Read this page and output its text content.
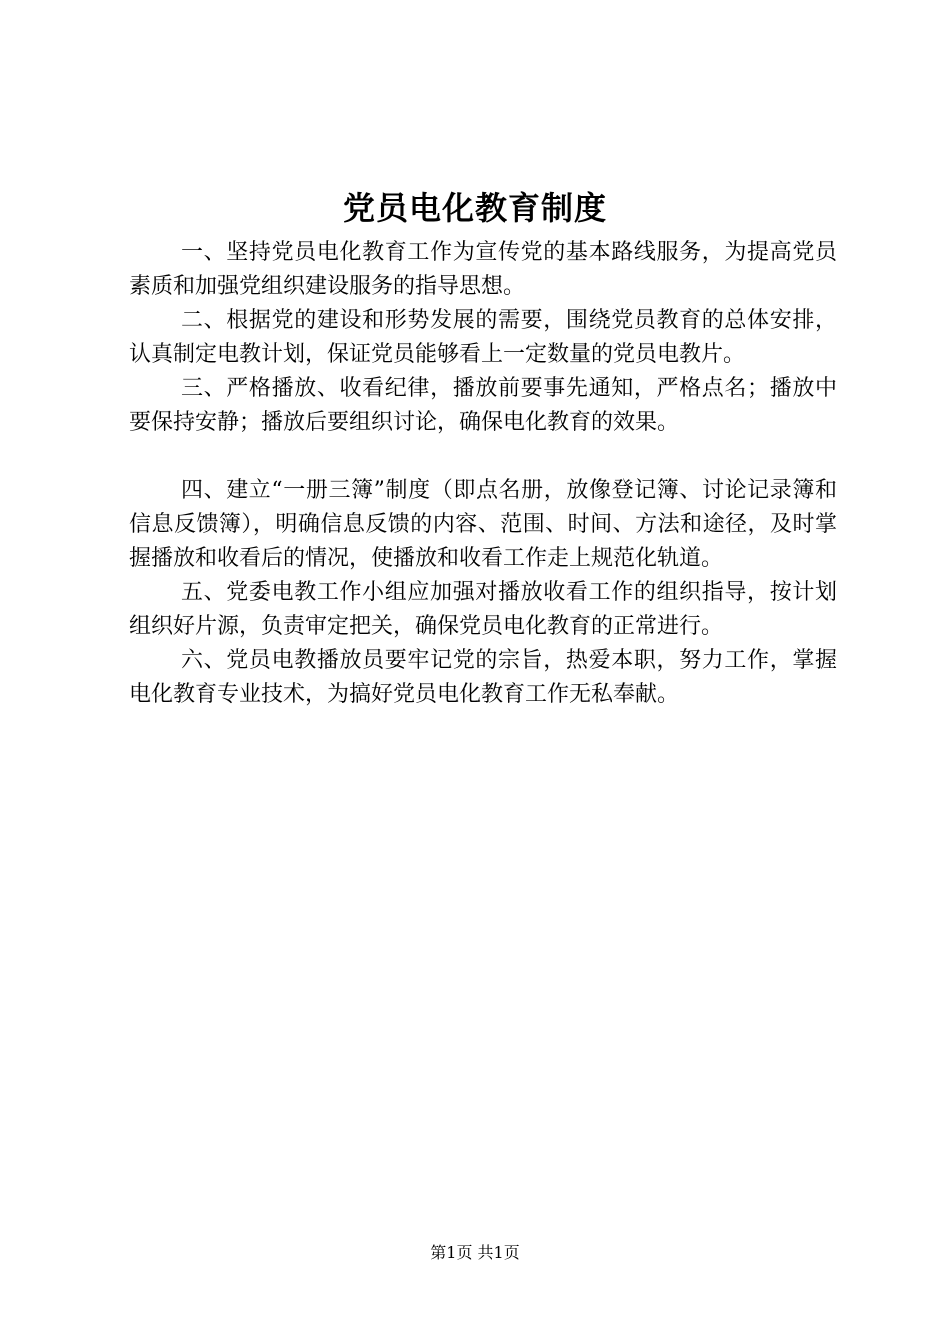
党员电化教育制度

一、坚持党员电化教育工作为宣传党的基本路线服务，为提高党员素质和加强党组织建设服务的指导思想。

二、根据党的建设和形势发展的需要，围绕党员教育的总体安排，认真制定电教计划，保证党员能够看上一定数量的党员电教片。

三、严格播放、收看纪律，播放前要事先通知，严格点名；播放中要保持安静；播放后要组织讨论，确保电化教育的效果。

四、建立“一册三簿”制度（即点名册，放像登记簿、讨论记录簿和信息反馈簿），明确信息反馈的内容、范围、时间、方法和途径，及时掌握播放和收看后的情况，使播放和收看工作走上规范化轨道。

五、党委电教工作小组应加强对播放收看工作的组织指导，按计划组织好片源，负责审定把关，确保党员电化教育的正常进行。

六、党员电教播放员要牢记党的宗旨，热爱本职，努力工作，掌握电化教育专业技术，为搞好党员电化教育工作无私奉献。

第1页 共1页
